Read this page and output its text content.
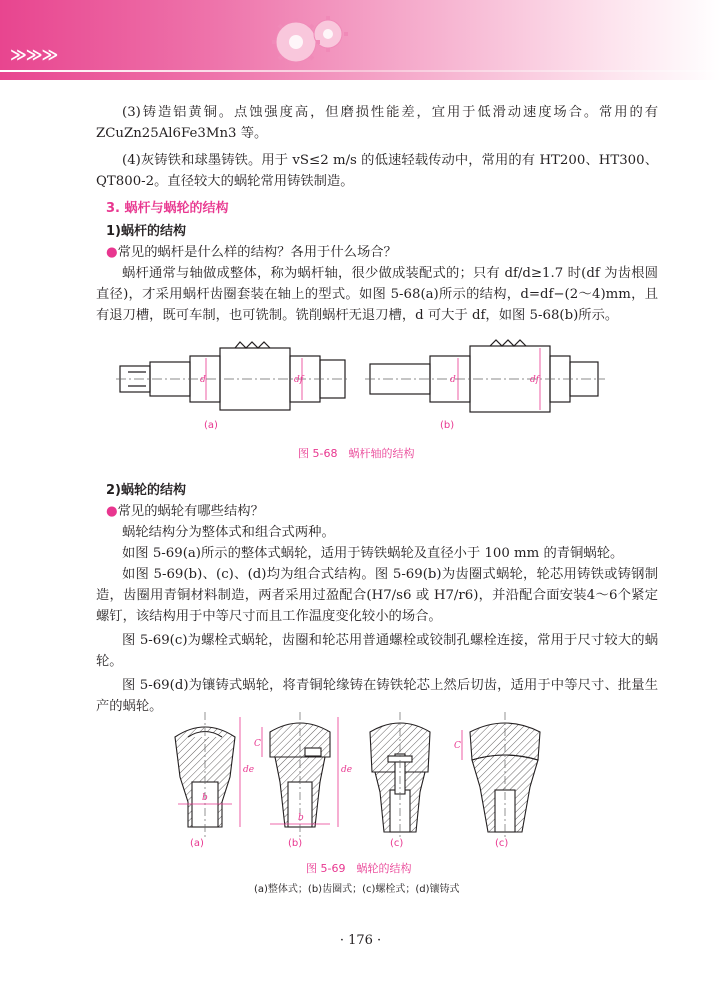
≫≫≫

(3)铸造铝黄铜。点蚀强度高，但磨损性能差，宜用于低滑动速度场合。常用的有ZCuZn25Al6Fe3Mn3 等。

(4)灰铸铁和球墨铸铁。用于 vS≤2 m/s 的低速轻载传动中，常用的有 HT200、HT300、QT800-2。直径较大的蜗轮常用铸铁制造。

3. 蜗杆与蜗轮的结构

1)蜗杆的结构

●常见的蜗杆是什么样的结构？各用于什么场合？

蜗杆通常与轴做成整体，称为蜗杆轴，很少做成装配式的；只有 df/d≥1.7 时(df 为齿根圆直径)，才采用蜗杆齿圈套装在轴上的型式。如图 5-68(a)所示的结构，d=df−(2～4)mm，且有退刀槽，既可车制，也可铣制。铣削蜗杆无退刀槽，d 可大于 df，如图 5-68(b)所示。

d	df	d	df
(a)	(b)
图 5-68　蜗杆轴的结构

2)蜗轮的结构

●常见的蜗轮有哪些结构？

蜗轮结构分为整体式和组合式两种。

如图 5-69(a)所示的整体式蜗轮，适用于铸铁蜗轮及直径小于 100 mm 的青铜蜗轮。

如图 5-69(b)、(c)、(d)均为组合式结构。图 5-69(b)为齿圈式蜗轮，轮芯用铸铁或铸钢制造，齿圈用青铜材料制造，两者采用过盈配合(H7/s6 或 H7/r6)，并沿配合面安装4～6个紧定螺钉，该结构用于中等尺寸而且工作温度变化较小的场合。

图 5-69(c)为螺栓式蜗轮，齿圈和轮芯用普通螺栓或铰制孔螺栓连接，常用于尺寸较大的蜗轮。

图 5-69(d)为镶铸式蜗轮，将青铜轮缘铸在铸铁轮芯上然后切齿，适用于中等尺寸、批量生产的蜗轮。

b
de
C
b
de
C
(a)	(b)	(c)	(c)
图 5-69　蜗轮的结构
(a)整体式；(b)齿圈式；(c)螺栓式；(d)镶铸式
· 176 ·
